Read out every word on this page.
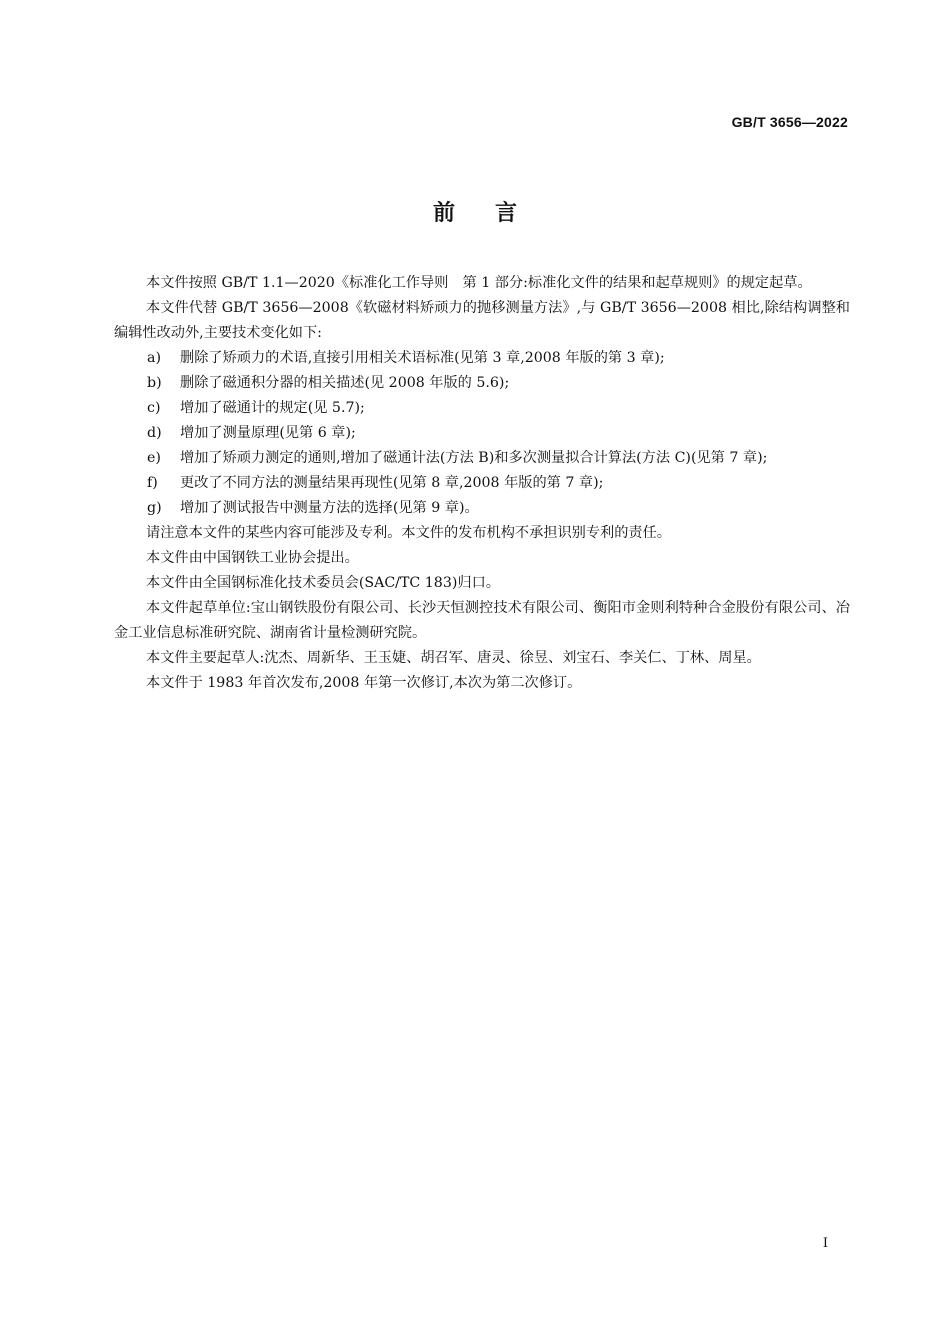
GB/T 3656—2022
前言

本文件按照 GB/T 1.1—2020《标准化工作导则　第 1 部分:标准化文件的结果和起草规则》的规定起草。

本文件代替 GB/T 3656—2008《软磁材料矫顽力的抛移测量方法》,与 GB/T 3656—2008 相比,除结构调整和编辑性改动外,主要技术变化如下:

a) 删除了矫顽力的术语,直接引用相关术语标准(见第 3 章,2008 年版的第 3 章);

b) 删除了磁通积分器的相关描述(见 2008 年版的 5.6);

c) 增加了磁通计的规定(见 5.7);

d) 增加了测量原理(见第 6 章);

e) 增加了矫顽力测定的通则,增加了磁通计法(方法 B)和多次测量拟合计算法(方法 C)(见第 7 章);

f) 更改了不同方法的测量结果再现性(见第 8 章,2008 年版的第 7 章);

g) 增加了测试报告中测量方法的选择(见第 9 章)。

请注意本文件的某些内容可能涉及专利。本文件的发布机构不承担识别专利的责任。

本文件由中国钢铁工业协会提出。

本文件由全国钢标准化技术委员会(SAC/TC 183)归口。

本文件起草单位:宝山钢铁股份有限公司、长沙天恒测控技术有限公司、衡阳市金则利特种合金股份有限公司、冶金工业信息标准研究院、湖南省计量检测研究院。

本文件主要起草人:沈杰、周新华、王玉婕、胡召军、唐灵、徐昱、刘宝石、李关仁、丁林、周星。

本文件于 1983 年首次发布,2008 年第一次修订,本次为第二次修订。

I
